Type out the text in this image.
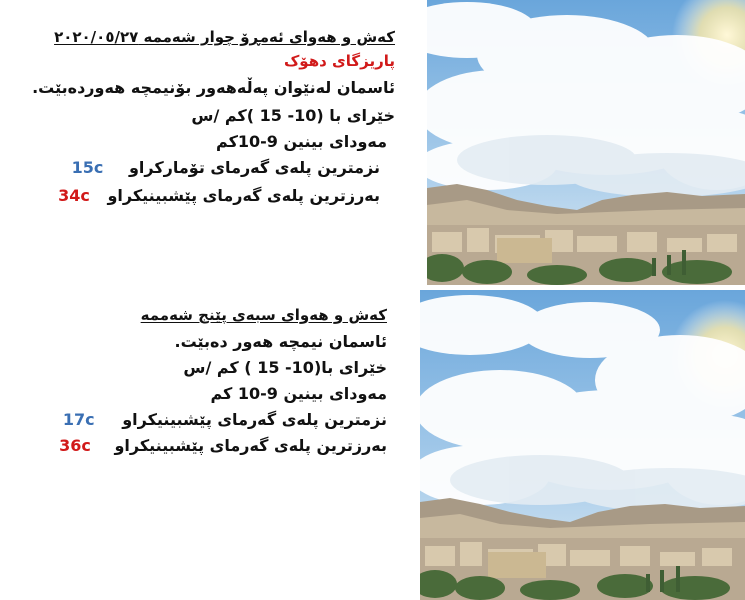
کەش و هەوای ئەمڕۆ چوار شەممە ٢٠٢٠/٠٥/٢٧
پاریزگای دهۆک
ئاسمان لەنێوان پەڵەهەور بۆنیمچە هەوردەبێت.
خێرای با (10- 15 )کم /س
مەودای بینین 9-10کم
نزمترین پلەی گەرمای تۆمارکراو 15c
بەرزترین پلەی گەرمای پێشبینیکراو 34c
کەش و هەوای سبەی پێنج شەممە
ئاسمان نیمچە هەور دەبێت.
خێرای با(10- 15 ) کم /س
مەودای بینین 9-10 کم
نزمترین پلەی گەرمای پێشبینیکراو 17c
بەرزترین پلەی گەرمای پێشبینیکراو 36c
